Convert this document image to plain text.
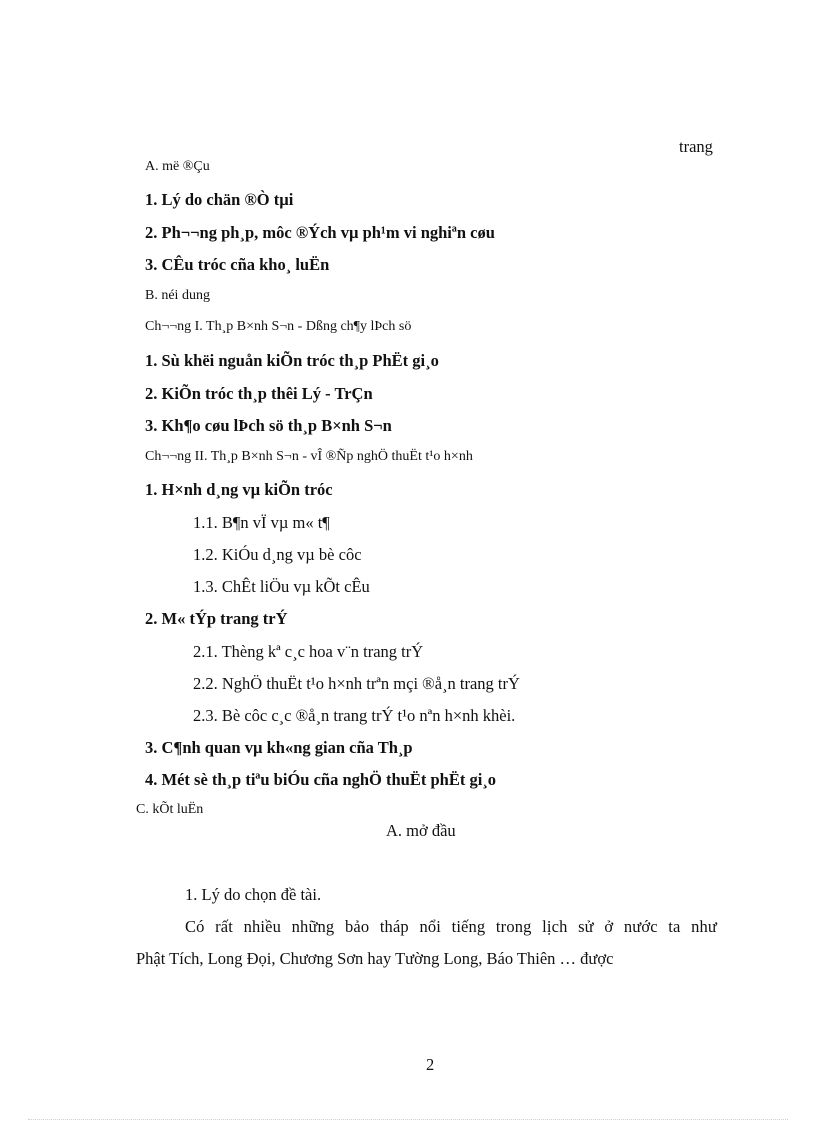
trang
A. më ®Çu
1. Lý do chän ®Ò tµi
2. Ph¬¬ng ph¸p, môc ®Ých vµ ph¹m vi nghiªn cøu
3. CÊu tróc cña kho¸ luËn
B. néi dung
Ch¬¬ng I. Th¸p B×nh S¬n - Dßng ch¶y lÞch sö
1. Sù khëi nguån kiÕn tróc th¸p PhËt gi¸o
2. KiÕn tróc th¸p thêi Lý - TrÇn
3. Kh¶o cøu lÞch sö th¸p B×nh S¬n
Ch¬¬ng II. Th¸p B×nh S¬n - vÎ ®Ñp nghÖ thuËt t¹o h×nh
1. H×nh d¸ng vµ kiÕn tróc
1.1. B¶n vÏ vµ m« t¶
1.2. KiÓu d¸ng vµ bè côc
1.3. ChÊt liÖu vµ kÕt cÊu
2. M« tÝp trang trÝ
2.1. Thèng kª c¸c hoa v¨n trang trÝ
2.2. NghÖ thuËt t¹o h×nh trªn mçi ®å¸n trang trÝ
2.3. Bè côc c¸c ®å¸n trang trÝ t¹o nªn h×nh khèi.
3. C¶nh quan vµ kh«ng gian cña Th¸p
4. Mét sè th¸p tiªu biÓu cña nghÖ thuËt phËt gi¸o
C. kÕt luËn
A. mở đầu
1. Lý do chọn đề tài.
Có rất nhiều những bảo tháp nổi tiếng trong lịch sử ở nước ta như
Phật Tích, Long Đọi, Chương Sơn hay Tường Long, Báo Thiên … được
2
